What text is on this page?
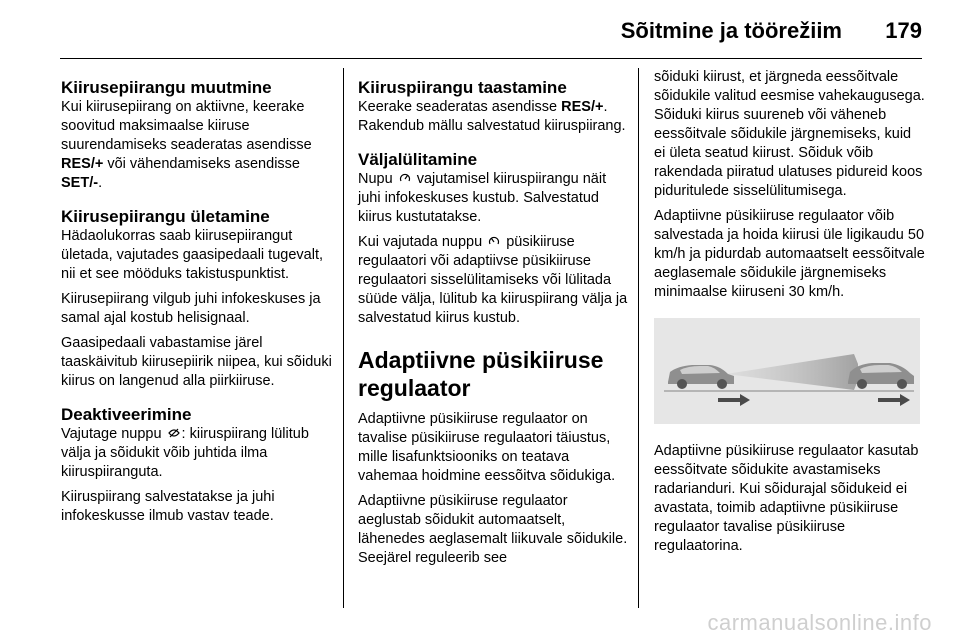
Sõitmine ja töörežiim 179
Kiirusepiirangu muutmine

Kui kiirusepiirang on aktiivne, keerake soovitud maksimaalse kiiruse suurendamiseks seaderatas asendisse RES/+ või vähendamiseks asendisse SET/-.

Kiirusepiirangu ületamine

Hädaolukorras saab kiirusepiirangut ületada, vajutades gaasipedaali tugevalt, nii et see mööduks takistuspunktist.

Kiirusepiirang vilgub juhi infokeskuses ja samal ajal kostub helisignaal.

Gaasipedaali vabastamise järel taaskäivitub kiirusepiirik niipea, kui sõiduki kiirus on langenud alla piirkiiruse.

Deaktiveerimine

Vajutage nuppu : kiiruspiirang lülitub välja ja sõidukit võib juhtida ilma kiiruspiiranguta.

Kiiruspiirang salvestatakse ja juhi infokeskusse ilmub vastav teade.

Kiiruspiirangu taastamine

Keerake seaderatas asendisse RES/+. Rakendub mällu salvestatud kiiruspiirang.

Väljalülitamine

Nupu  vajutamisel kiiruspiirangu näit juhi infokeskuses kustub. Salvestatud kiirus kustutatakse.

Kui vajutada nuppu  püsikiiruse regulaatori või adaptiivse püsikiiruse regulaatori sisselülitamiseks või lülitada süüde välja, lülitub ka kiiruspiirang välja ja salvestatud kiirus kustub.

Adaptiivne püsikiiruse regulaator

Adaptiivne püsikiiruse regulaator on tavalise püsikiiruse regulaatori täiustus, mille lisafunktsiooniks on teatava vahemaa hoidmine eessõitva sõidukiga.

Adaptiivne püsikiiruse regulaator aeglustab sõidukit automaatselt, lähenedes aeglasemalt liikuvale sõidukile. Seejärel reguleerib see

sõiduki kiirust, et järgneda eessõitvale sõidukile valitud eesmise vahekaugusega. Sõiduki kiirus suureneb või väheneb eessõitvale sõidukile järgnemiseks, kuid ei ületa seatud kiirust. Sõiduk võib rakendada piiratud ulatuses pidureid koos piduritulede sisselülitumisega.

Adaptiivne püsikiiruse regulaator võib salvestada ja hoida kiirusi üle ligikaudu 50 km/h ja pidurdab automaatselt eessõitvale aeglasemale sõidukile järgnemiseks minimaalse kiiruseni 30 km/h.

Adaptiivne püsikiiruse regulaator kasutab eessõitvate sõidukite avastamiseks radarianduri. Kui sõidurajal sõidukeid ei avastata, toimib adaptiivne püsikiiruse regulaator tavalise püsikiiruse regulaatorina.

carmanualsonline.info
